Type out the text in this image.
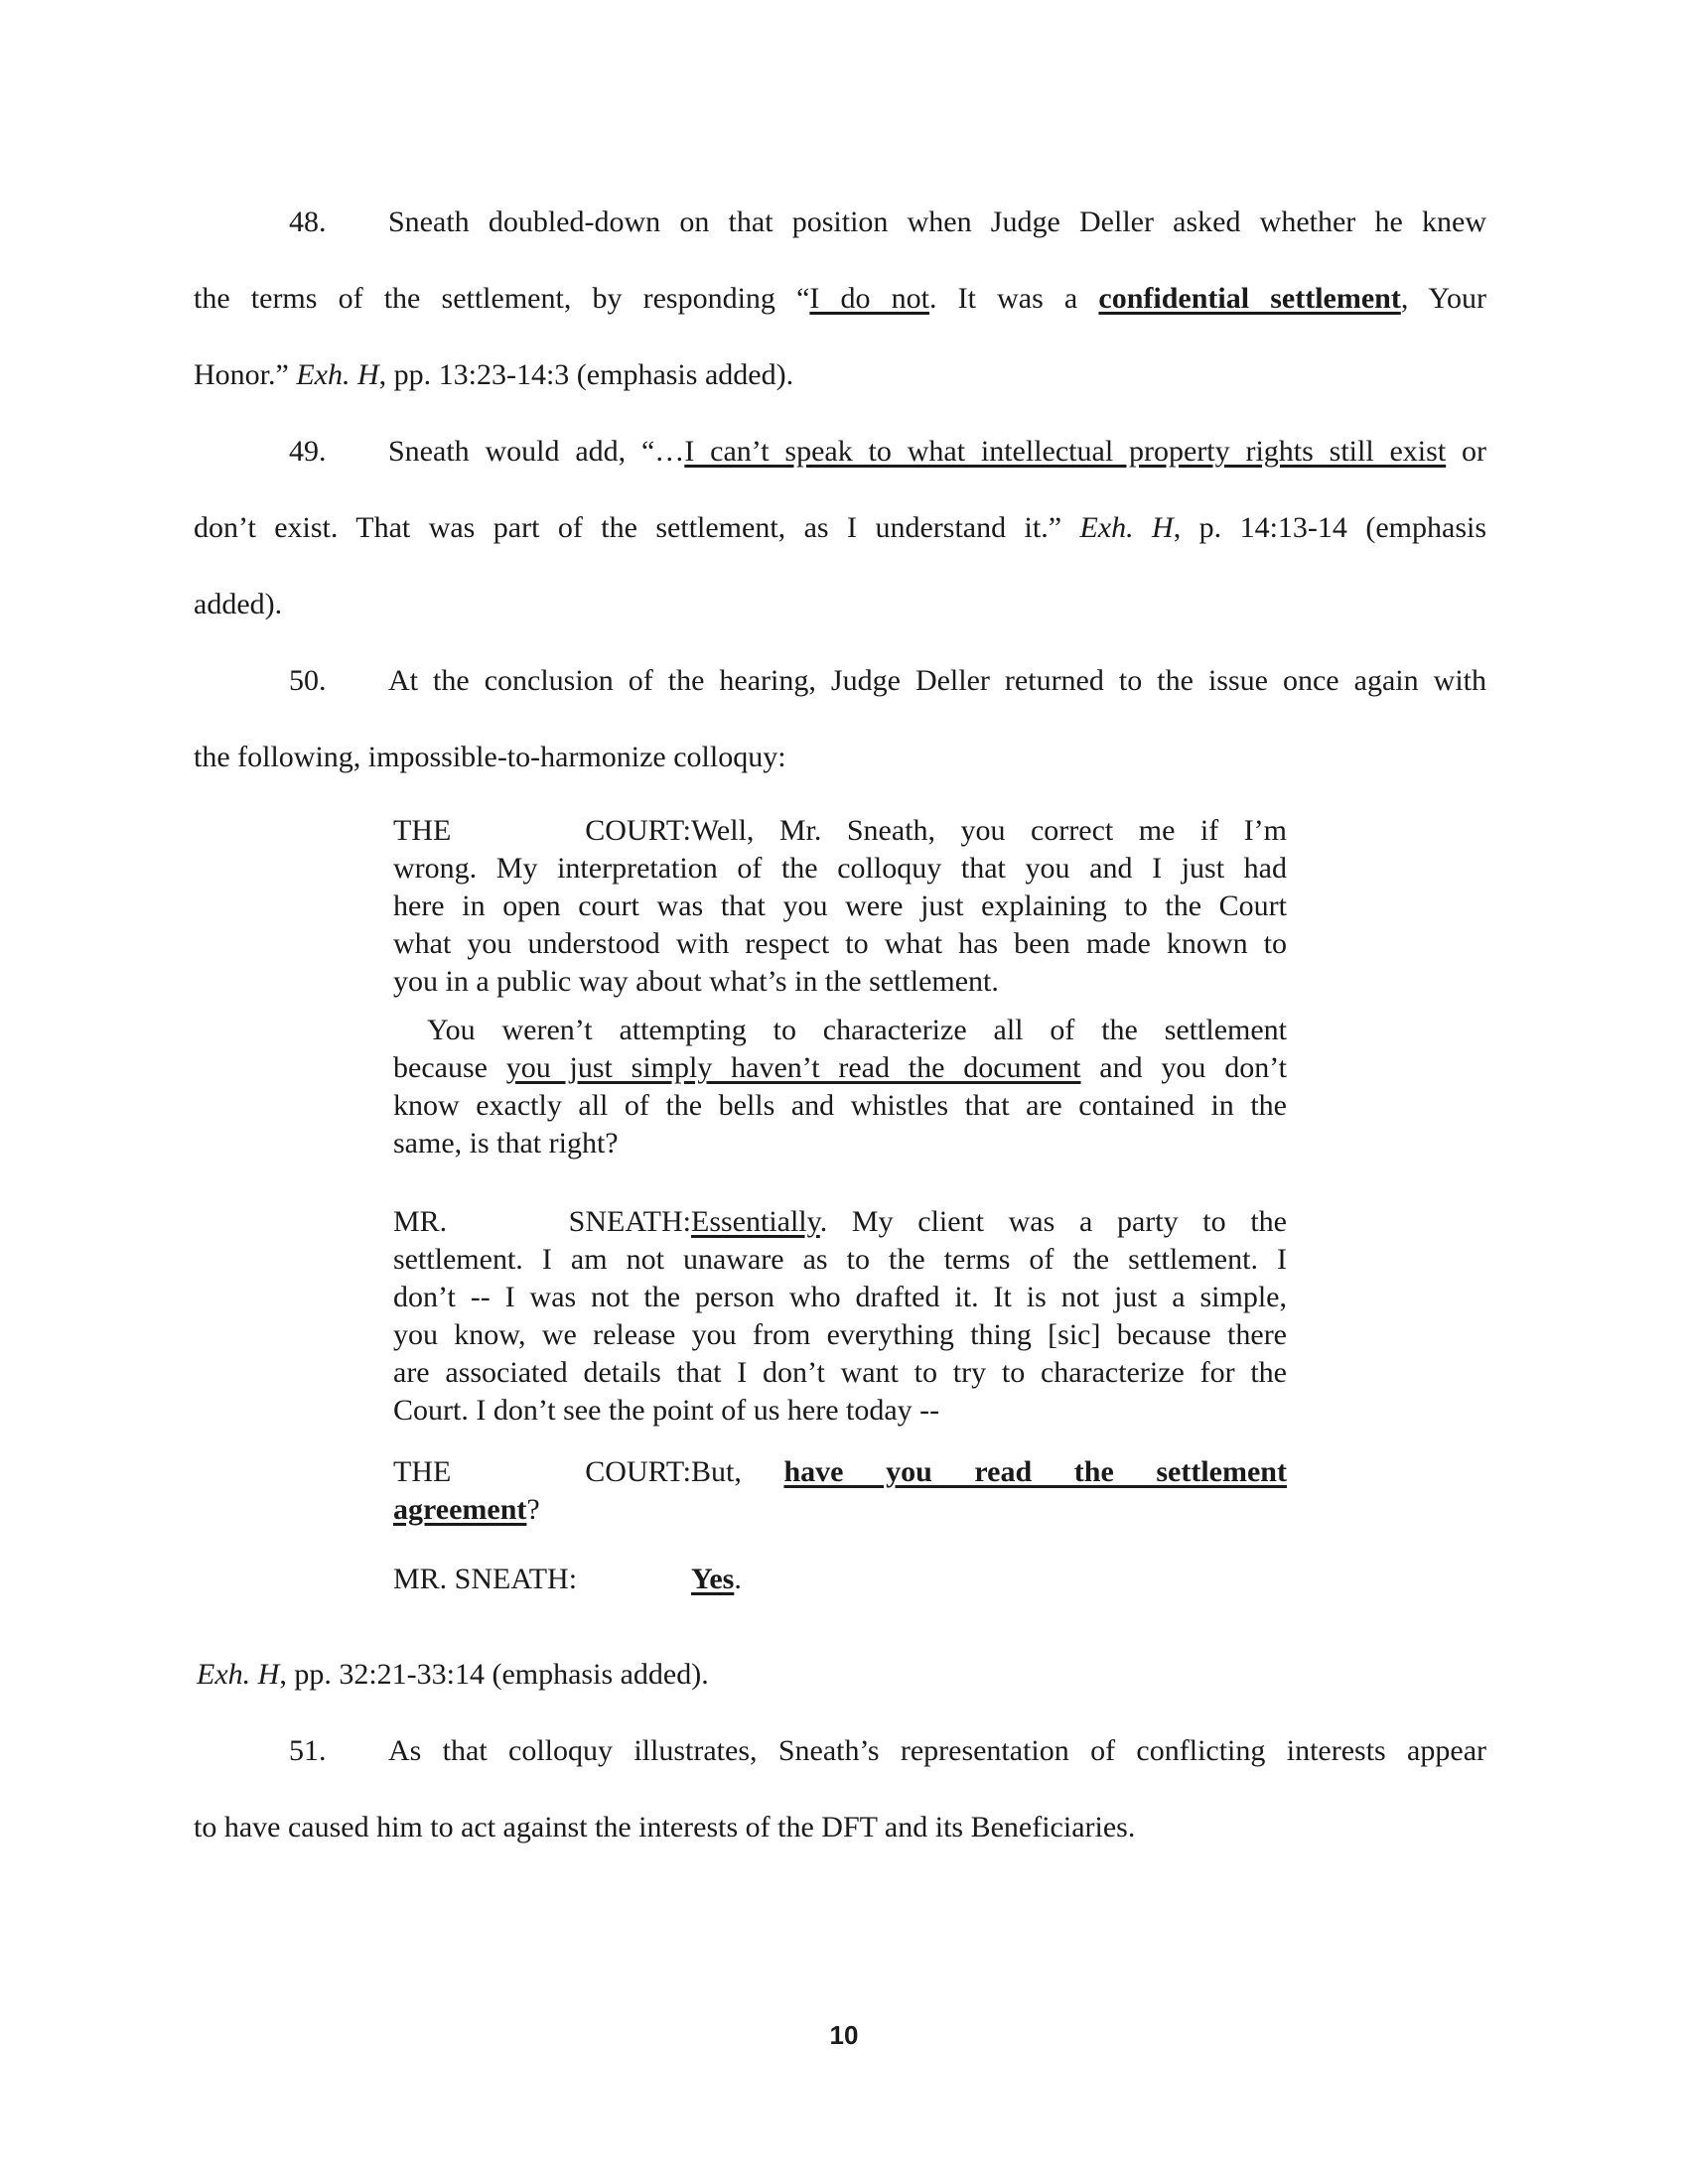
48. Sneath doubled-down on that position when Judge Deller asked whether he knew
the terms of the settlement, by responding “I do not. It was a confidential settlement, Your
Honor.” Exh. H, pp. 13:23-14:3 (emphasis added).
49. Sneath would add, “…I can’t speak to what intellectual property rights still exist or
don’t exist. That was part of the settlement, as I understand it.” Exh. H, p. 14:13-14 (emphasis
added).
50. At the conclusion of the hearing, Judge Deller returned to the issue once again with
the following, impossible-to-harmonize colloquy:
THE COURT:Well, Mr. Sneath, you correct me if I’m
wrong. My interpretation of the colloquy that you and I just had
here in open court was that you were just explaining to the Court
what you understood with respect to what has been made known to
you in a public way about what’s in the settlement.
You weren’t attempting to characterize all of the settlement
because you just simply haven’t read the document and you don’t
know exactly all of the bells and whistles that are contained in the
same, is that right?
MR. SNEATH:Essentially. My client was a party to the
settlement. I am not unaware as to the terms of the settlement. I
don’t -- I was not the person who drafted it. It is not just a simple,
you know, we release you from everything thing [sic] because there
are associated details that I don’t want to try to characterize for the
Court. I don’t see the point of us here today --
THE COURT:But, have you read the settlement
agreement?
MR. SNEATH:	Yes.
Exh. H, pp. 32:21-33:14 (emphasis added).
51. As that colloquy illustrates, Sneath’s representation of conflicting interests appear
to have caused him to act against the interests of the DFT and its Beneficiaries.
10
